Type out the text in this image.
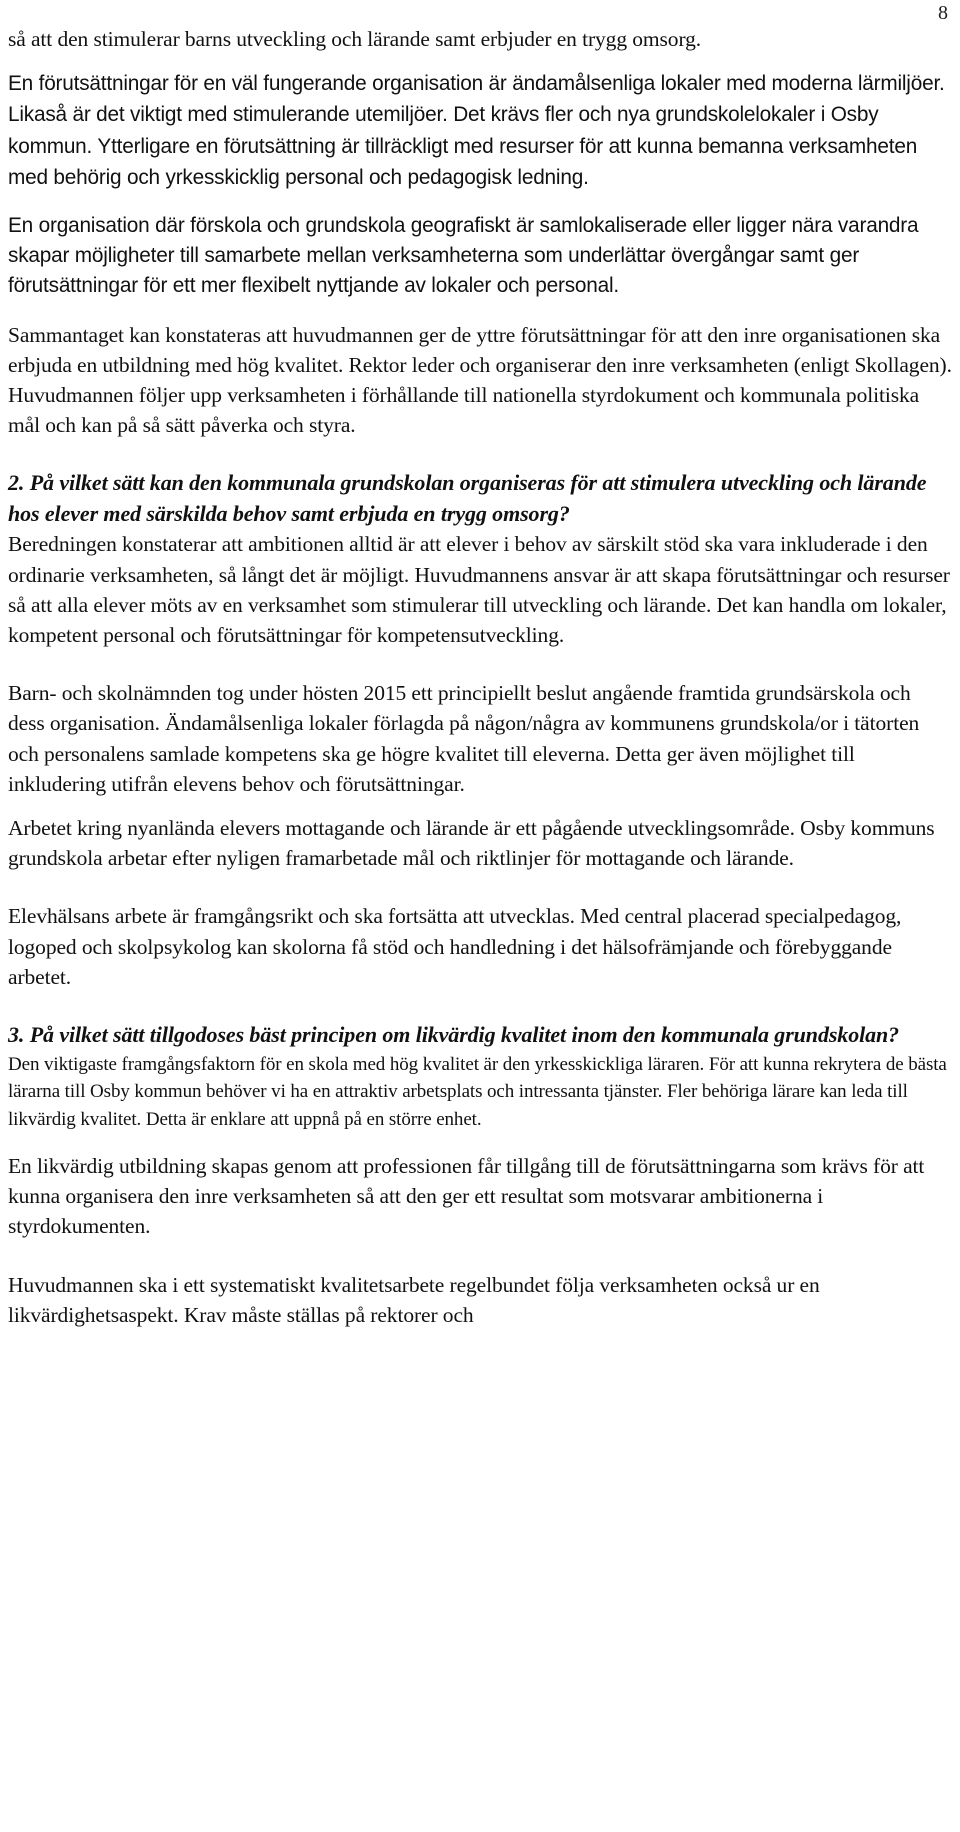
8

så att den stimulerar barns utveckling och lärande samt erbjuder en trygg omsorg.

En förutsättningar för en väl fungerande organisation är ändamålsenliga lokaler med moderna lärmiljöer. Likaså är det viktigt med stimulerande utemiljöer. Det krävs fler och nya grundskolelokaler i Osby kommun. Ytterligare en förutsättning är tillräckligt med resurser för att kunna bemanna verksamheten med behörig och yrkesskicklig personal och pedagogisk ledning.

En organisation där förskola och grundskola geografiskt är samlokaliserade eller ligger nära varandra skapar möjligheter till samarbete mellan verksamheterna som underlättar övergångar samt ger förutsättningar för ett mer flexibelt nyttjande av lokaler och personal.

Sammantaget kan konstateras att huvudmannen ger de yttre förutsättningar för att den inre organisationen ska erbjuda en utbildning med hög kvalitet. Rektor leder och organiserar den inre verksamheten (enligt Skollagen). Huvudmannen följer upp verksamheten i förhållande till nationella styrdokument och kommunala politiska mål och kan på så sätt påverka och styra.

2. På vilket sätt kan den kommunala grundskolan organiseras för att stimulera utveckling och lärande hos elever med särskilda behov samt erbjuda en trygg omsorg?

Beredningen konstaterar att ambitionen alltid är att elever i behov av särskilt stöd ska vara inkluderade i den ordinarie verksamheten, så långt det är möjligt. Huvudmannens ansvar är att skapa förutsättningar och resurser så att alla elever möts av en verksamhet som stimulerar till utveckling och lärande. Det kan handla om lokaler, kompetent personal och förutsättningar för kompetensutveckling.

Barn- och skolnämnden tog under hösten 2015 ett principiellt beslut angående framtida grundsärskola och dess organisation. Ändamålsenliga lokaler förlagda på någon/några av kommunens grundskola/or i tätorten och personalens samlade kompetens ska ge högre kvalitet till eleverna. Detta ger även möjlighet till inkludering utifrån elevens behov och förutsättningar.

Arbetet kring nyanlända elevers mottagande och lärande är ett pågående utvecklingsområde. Osby kommuns grundskola arbetar efter nyligen framarbetade mål och riktlinjer för mottagande och lärande.

Elevhälsans arbete är framgångsrikt och ska fortsätta att utvecklas. Med central placerad specialpedagog, logoped och skolpsykolog kan skolorna få stöd och handledning i det hälsofrämjande och förebyggande arbetet.

3. På vilket sätt tillgodoses bäst principen om likvärdig kvalitet inom den kommunala grundskolan?

Den viktigaste framgångsfaktorn för en skola med hög kvalitet är den yrkesskickliga läraren. För att kunna rekrytera de bästa lärarna till Osby kommun behöver vi ha en attraktiv arbetsplats och intressanta tjänster. Fler behöriga lärare kan leda till likvärdig kvalitet. Detta är enklare att uppnå på en större enhet.

En likvärdig utbildning skapas genom att professionen får tillgång till de förutsättningarna som krävs för att kunna organisera den inre verksamheten så att den ger ett resultat som motsvarar ambitionerna i styrdokumenten.

Huvudmannen ska i ett systematiskt kvalitetsarbete regelbundet följa verksamheten också ur en likvärdighetsaspekt. Krav måste ställas på rektorer och
